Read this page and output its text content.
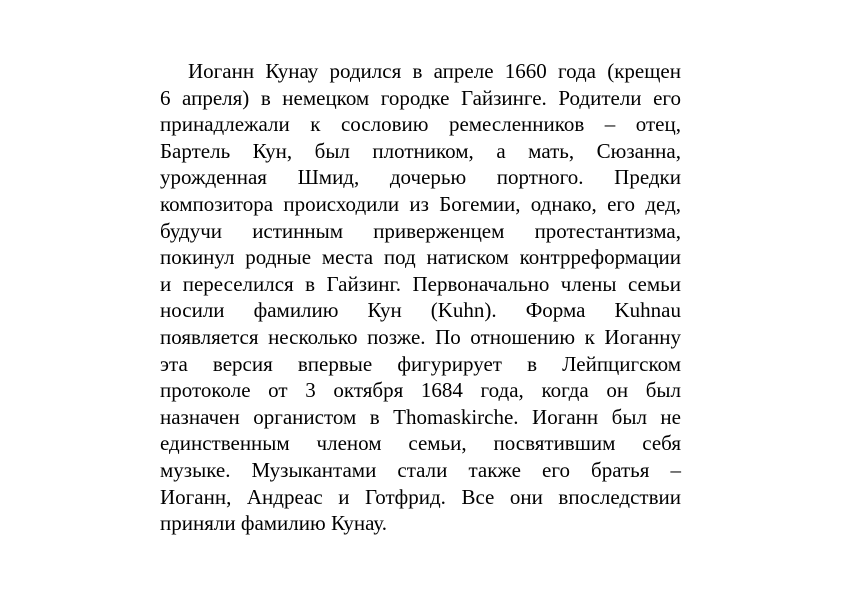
Иоганн Кунау родился в апреле 1660 года (крещен
6 апреля) в немецком городке Гайзинге. Родители его
принадлежали к сословию ремесленников – отец,
Бартель Кун, был плотником, а мать, Сюзанна,
урожденная Шмид, дочерью портного. Предки
композитора происходили из Богемии, однако, его дед,
будучи истинным приверженцем протестантизма,
покинул родные места под натиском контрреформации
и переселился в Гайзинг. Первоначально члены семьи
носили фамилию Кун (Kuhn). Форма Kuhnau
появляется несколько позже. По отношению к Иоганну
эта версия впервые фигурирует в Лейпцигском
протоколе от 3 октября 1684 года, когда он был
назначен органистом в Thomaskirche. Иоганн был не
единственным членом семьи, посвятившим себя
музыке. Музыкантами стали также его братья –
Иоганн, Андреас и Готфрид. Все они впоследствии
приняли фамилию Кунау.
